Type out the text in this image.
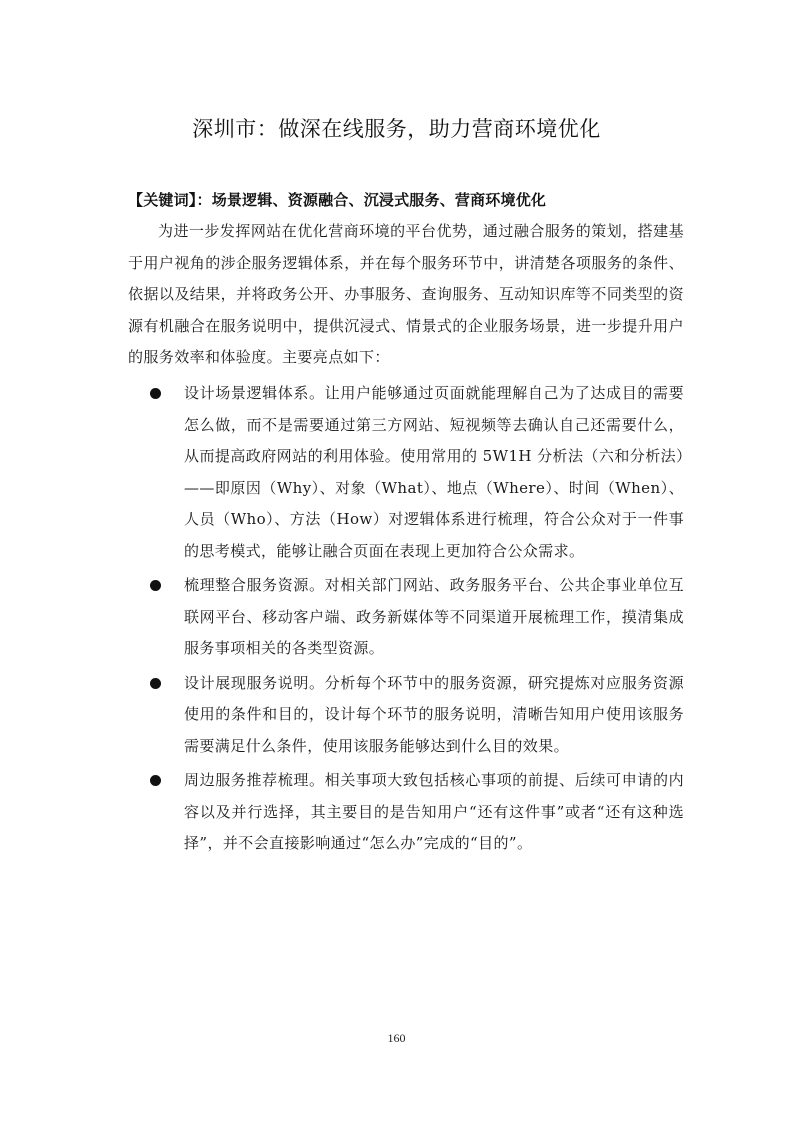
深圳市：做深在线服务，助力营商环境优化

【关键词】：场景逻辑、资源融合、沉浸式服务、营商环境优化

为进一步发挥网站在优化营商环境的平台优势，通过融合服务的策划，搭建基于用户视角的涉企服务逻辑体系，并在每个服务环节中，讲清楚各项服务的条件、依据以及结果，并将政务公开、办事服务、查询服务、互动知识库等不同类型的资源有机融合在服务说明中，提供沉浸式、情景式的企业服务场景，进一步提升用户的服务效率和体验度。主要亮点如下：

设计场景逻辑体系。让用户能够通过页面就能理解自己为了达成目的需要怎么做，而不是需要通过第三方网站、短视频等去确认自己还需要什么，从而提高政府网站的利用体验。使用常用的 5W1H 分析法（六和分析法）——即原因（Why）、对象（What）、地点（Where）、时间（When）、人员（Who）、方法（How）对逻辑体系进行梳理，符合公众对于一件事的思考模式，能够让融合页面在表现上更加符合公众需求。
梳理整合服务资源。对相关部门网站、政务服务平台、公共企事业单位互联网平台、移动客户端、政务新媒体等不同渠道开展梳理工作，摸清集成服务事项相关的各类型资源。
设计展现服务说明。分析每个环节中的服务资源，研究提炼对应服务资源使用的条件和目的，设计每个环节的服务说明，清晰告知用户使用该服务需要满足什么条件，使用该服务能够达到什么目的效果。
周边服务推荐梳理。相关事项大致包括核心事项的前提、后续可申请的内容以及并行选择，其主要目的是告知用户“还有这件事”或者“还有这种选择”，并不会直接影响通过“怎么办”完成的“目的”。
160
